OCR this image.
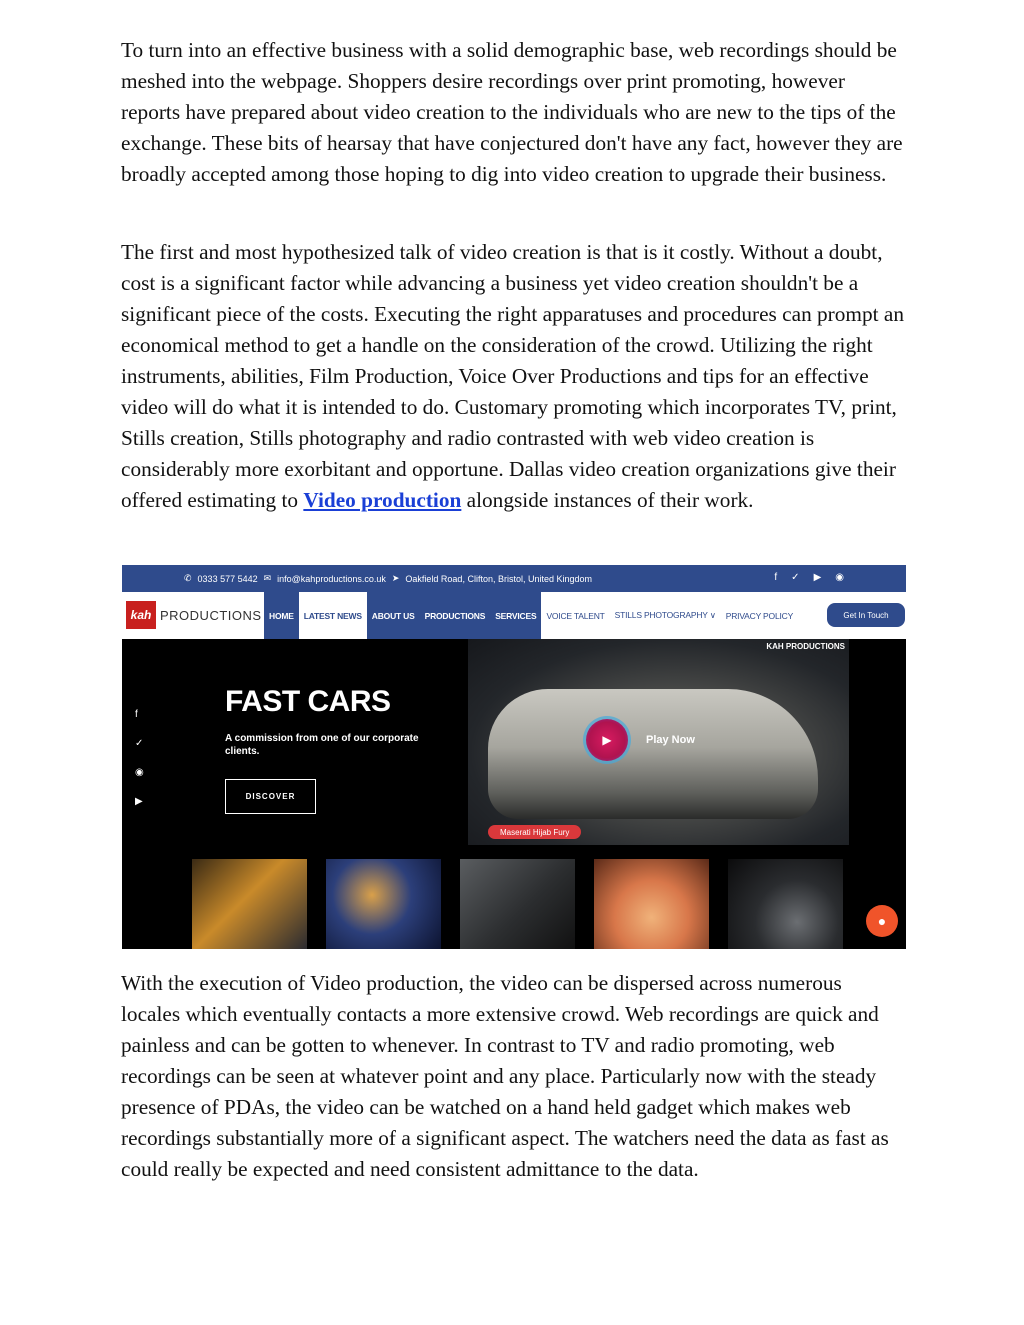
To turn into an effective business with a solid demographic base, web recordings should be meshed into the webpage. Shoppers desire recordings over print promoting, however reports have prepared about video creation to the individuals who are new to the tips of the exchange. These bits of hearsay that have conjectured don't have any fact, however they are broadly accepted among those hoping to dig into video creation to upgrade their business.

The first and most hypothesized talk of video creation is that is it costly. Without a doubt, cost is a significant factor while advancing a business yet video creation shouldn't be a significant piece of the costs. Executing the right apparatuses and procedures can prompt an economical method to get a handle on the consideration of the crowd. Utilizing the right instruments, abilities, Film Production, Voice Over Productions and tips for an effective video will do what it is intended to do. Customary promoting which incorporates TV, print, Stills creation, Stills photography and radio contrasted with web video creation is considerably more exorbitant and opportune. Dallas video creation organizations give their offered estimating to Video production alongside instances of their work.

✆ 0333 577 5442 ✉ info@kahproductions.co.uk ➤ Oakfield Road, Clifton, Bristol, United Kingdom	f ✓ ▶ ◉
kah PRODUCTIONS HOME	LATEST NEWS	ABOUT US	PRODUCTIONS	SERVICES	VOICE TALENT	STILLS PHOTOGRAPHY ∨	PRIVACY POLICY	Get In Touch
f
✓
◉
▶
FAST CARS
A commission from one of our corporate clients.
DISCOVER
KAH PRODUCTIONS
▶	Play Now
Maserati Hijab Fury
●

With the execution of Video production, the video can be dispersed across numerous locales which eventually contacts a more extensive crowd. Web recordings are quick and painless and can be gotten to whenever. In contrast to TV and radio promoting, web recordings can be seen at whatever point and any place. Particularly now with the steady presence of PDAs, the video can be watched on a hand held gadget which makes web recordings substantially more of a significant aspect. The watchers need the data as fast as could really be expected and need consistent admittance to the data.
